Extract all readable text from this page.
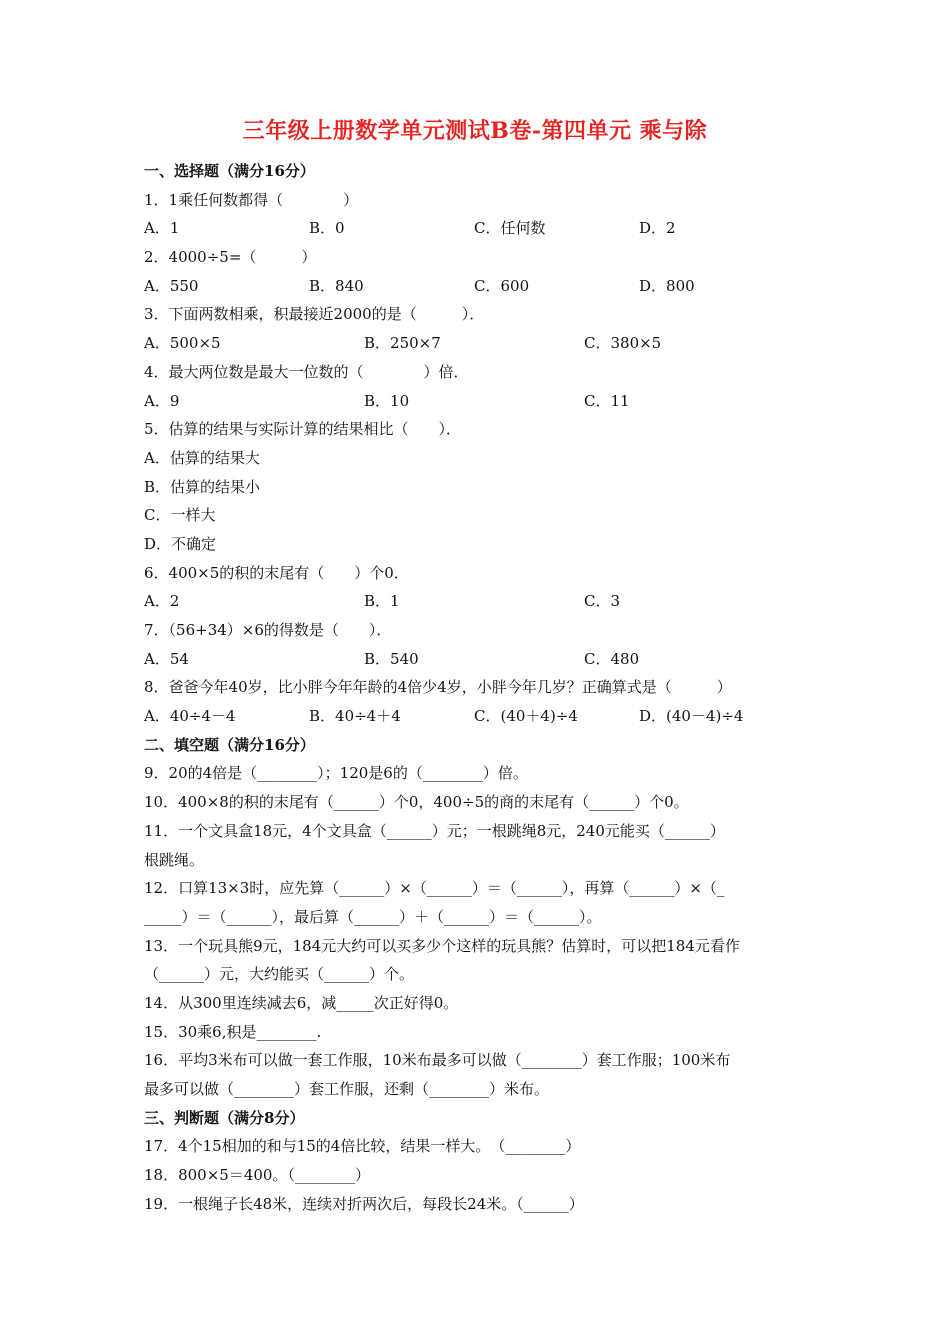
三年级上册数学单元测试B卷-第四单元 乘与除
一、选择题（满分16分）
1．1乘任何数都得（　　　　）
A．1	B．0	C．任何数	D．2
2．4000÷5=（　　　）
A．550	B．840	C．600	D．800
3．下面两数相乘，积最接近2000的是（　　　）．
A．500×5	B．250×7	C．380×5
4．最大两位数是最大一位数的（　　　　）倍．
A．9	B．10	C．11
5．估算的结果与实际计算的结果相比（　　）．
A．估算的结果大
B．估算的结果小
C．一样大
D．不确定
6．400×5的积的末尾有（　　）个0．
A．2	B．1	C．3
7．（56+34）×6的得数是（　　）．
A．54	B．540	C．480
8．爸爸今年40岁，比小胖今年年龄的4倍少4岁，小胖今年几岁？正确算式是（　　　）
A．40÷4－4	B．40÷4＋4	C．(40＋4)÷4	D．(40－4)÷4
二、填空题（满分16分）
9．20的4倍是（________）；120是6的（________）倍。
10．400×8的积的末尾有（______）个0，400÷5的商的末尾有（______）个0。
11．一个文具盒18元，4个文具盒（______）元；一根跳绳8元，240元能买（______）
根跳绳。
12．口算13×3时，应先算（______）×（______）＝（______），再算（______）×（_
_____）＝（______），最后算（______）＋（______）＝（______）。
13．一个玩具熊9元，184元大约可以买多少个这样的玩具熊？估算时，可以把184元看作
（______）元，大约能买（______）个。
14．从300里连续减去6，减_____次正好得0。
15．30乘6,积是________.
16．平均3米布可以做一套工作服，10米布最多可以做（________）套工作服；100米布
最多可以做（________）套工作服，还剩（________）米布。
三、判断题（满分8分）
17．4个15相加的和与15的4倍比较，结果一样大。　（________）
18．800×5＝400。（________）
19．一根绳子长48米，连续对折两次后，每段长24米。（______）
